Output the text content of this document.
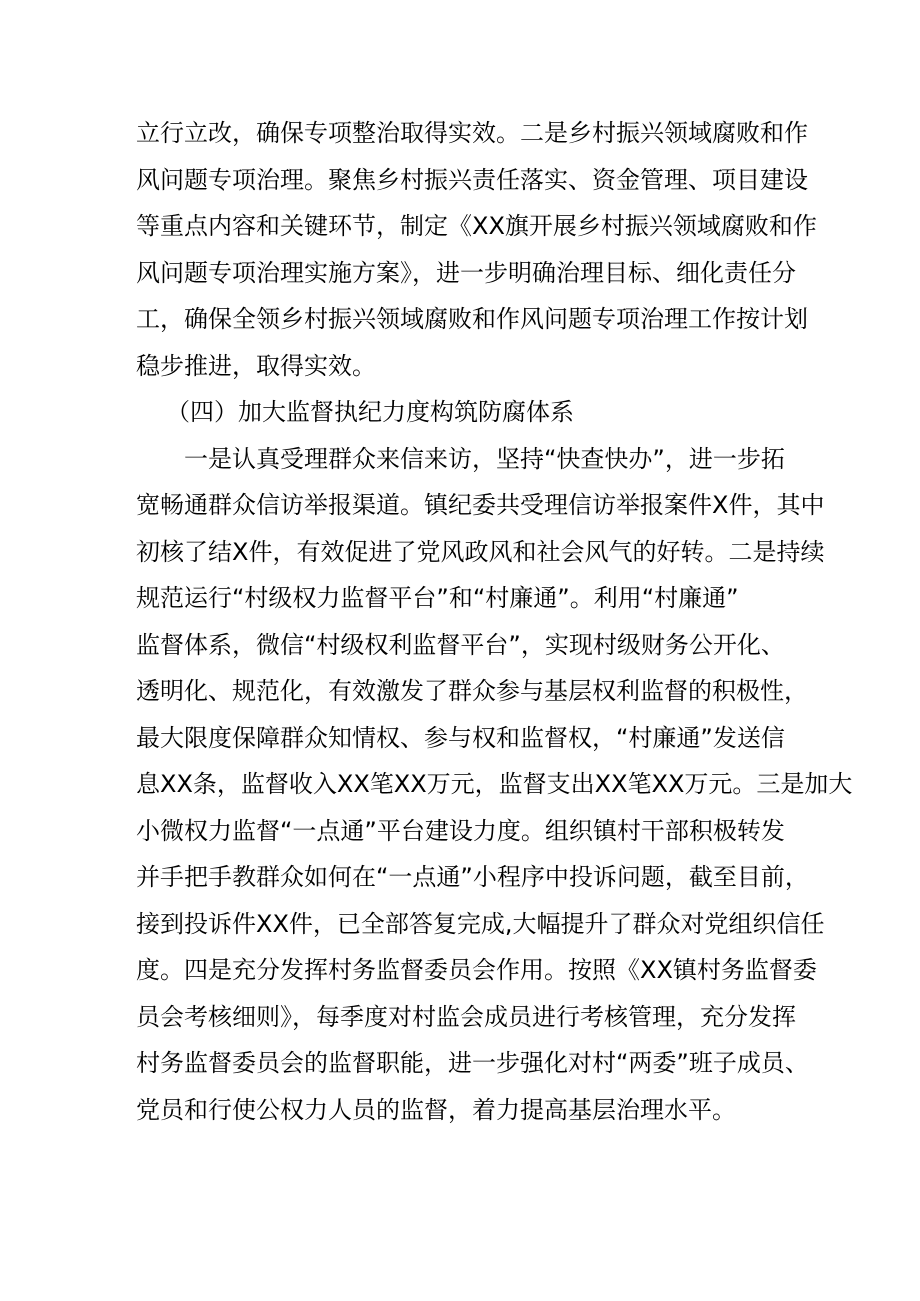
立行立改，确保专项整治取得实效。二是乡村振兴领域腐败和作
风问题专项治理。聚焦乡村振兴责任落实、资金管理、项目建设
等重点内容和关键环节，制定《XX旗开展乡村振兴领域腐败和作
风问题专项治理实施方案》，进一步明确治理目标、细化责任分
工，确保全领乡村振兴领域腐败和作风问题专项治理工作按计划
稳步推进，取得实效。
（四）加大监督执纪力度构筑防腐体系
一是认真受理群众来信来访，坚持“快查快办”，进一步拓
宽畅通群众信访举报渠道。镇纪委共受理信访举报案件X件，其中
初核了结X件，有效促进了党风政风和社会风气的好转。二是持续
规范运行“村级权力监督平台”和“村廉通”。利用“村廉通”
监督体系，微信“村级权利监督平台”，实现村级财务公开化、
透明化、规范化，有效激发了群众参与基层权利监督的积极性，
最大限度保障群众知情权、参与权和监督权，“村廉通”发送信
息XX条，监督收入XX笔XX万元，监督支出XX笔XX万元。三是加大
小微权力监督“一点通”平台建设力度。组织镇村干部积极转发
并手把手教群众如何在“一点通”小程序中投诉问题，截至目前，
接到投诉件XX件，已全部答复完成,大幅提升了群众对党组织信任
度。四是充分发挥村务监督委员会作用。按照《XX镇村务监督委
员会考核细则》，每季度对村监会成员进行考核管理，充分发挥
村务监督委员会的监督职能，进一步强化对村“两委”班子成员、
党员和行使公权力人员的监督，着力提高基层治理水平。
